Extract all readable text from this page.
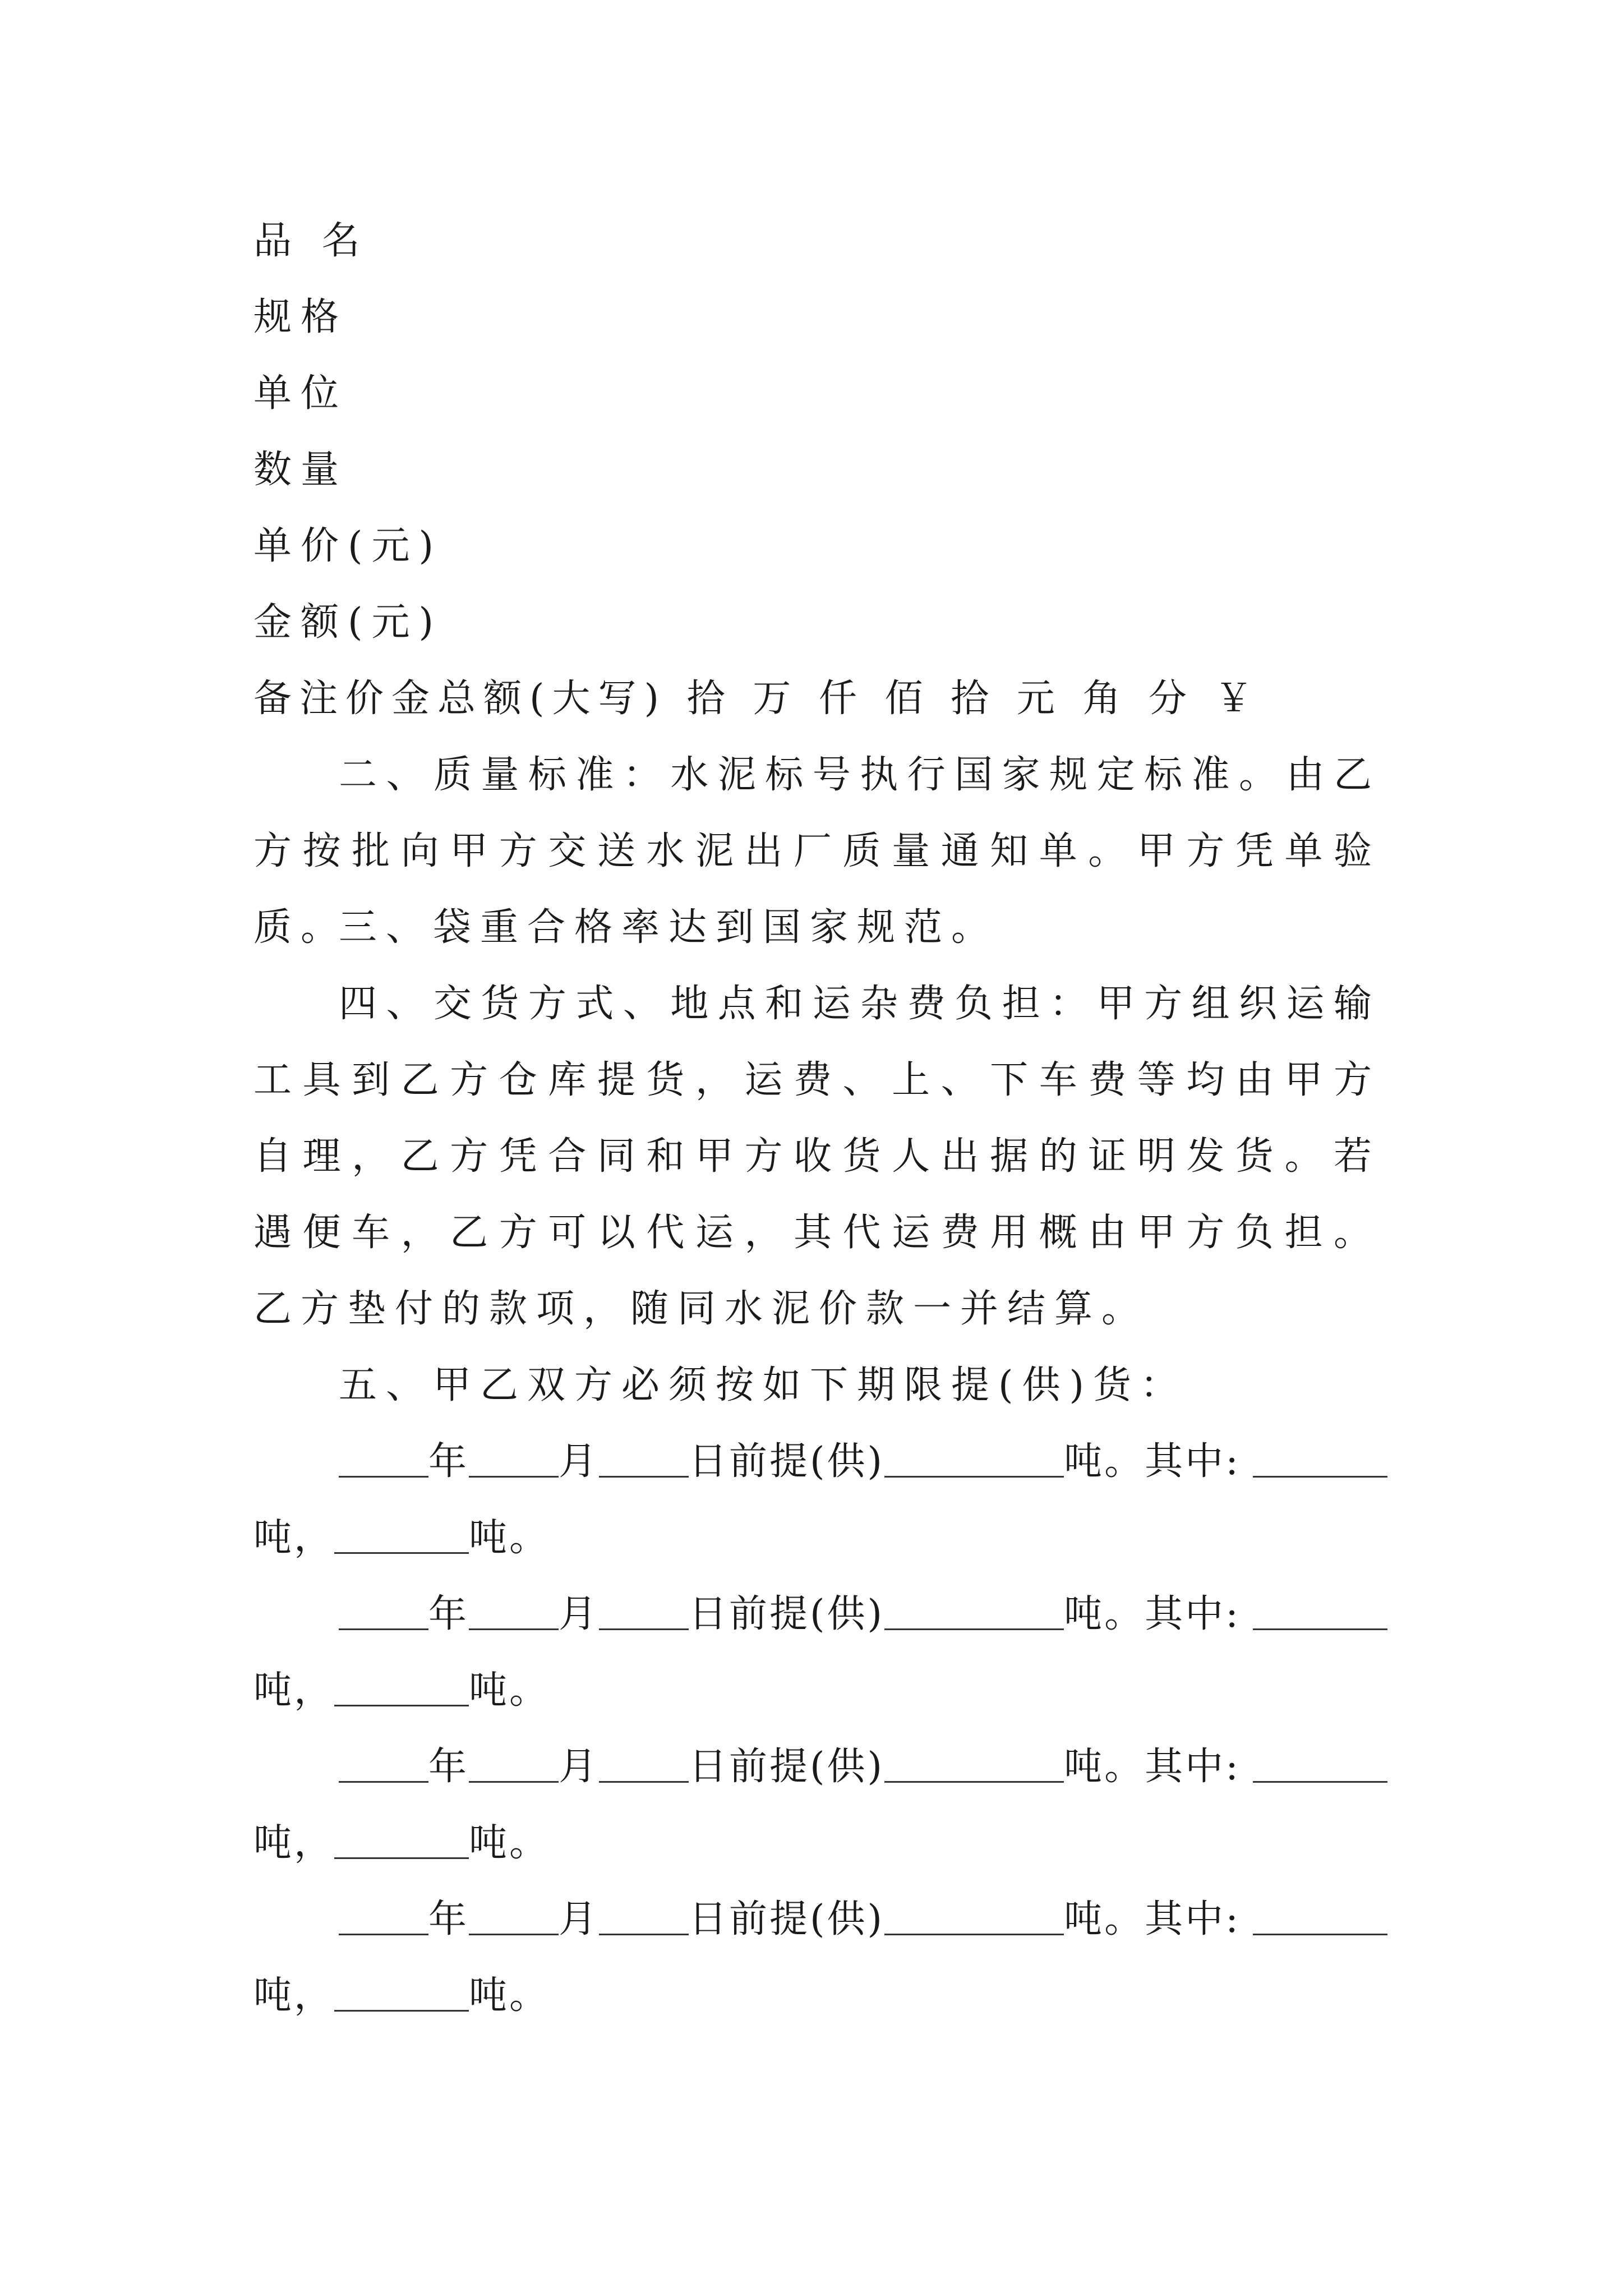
品 名
规格
单位
数量
单价(元)
金额(元)
备注价金总额(大写) 拾 万 仟 佰 拾 元 角 分 ￥
二、质量标准：水泥标号执行国家规定标准。由乙方按批向甲方交送水泥出厂质量通知单。甲方凭单验质。
三、袋重合格率达到国家规范。
四、交货方式、地点和运杂费负担：甲方组织运输工具到乙方仓库提货，运费、上、下车费等均由甲方自理，乙方凭合同和甲方收货人出据的证明发货。若遇便车，乙方可以代运，其代运费用概由甲方负担。乙方垫付的款项，随同水泥价款一并结算。
五、甲乙双方必须按如下期限提(供)货：
年 月 日前提(供)	吨。其中:
吨，	吨。
年 月 日前提(供)	吨。其中:
吨，	吨。
年 月 日前提(供)	吨。其中:
吨，	吨。
年 月 日前提(供)	吨。其中:
吨，	吨。
